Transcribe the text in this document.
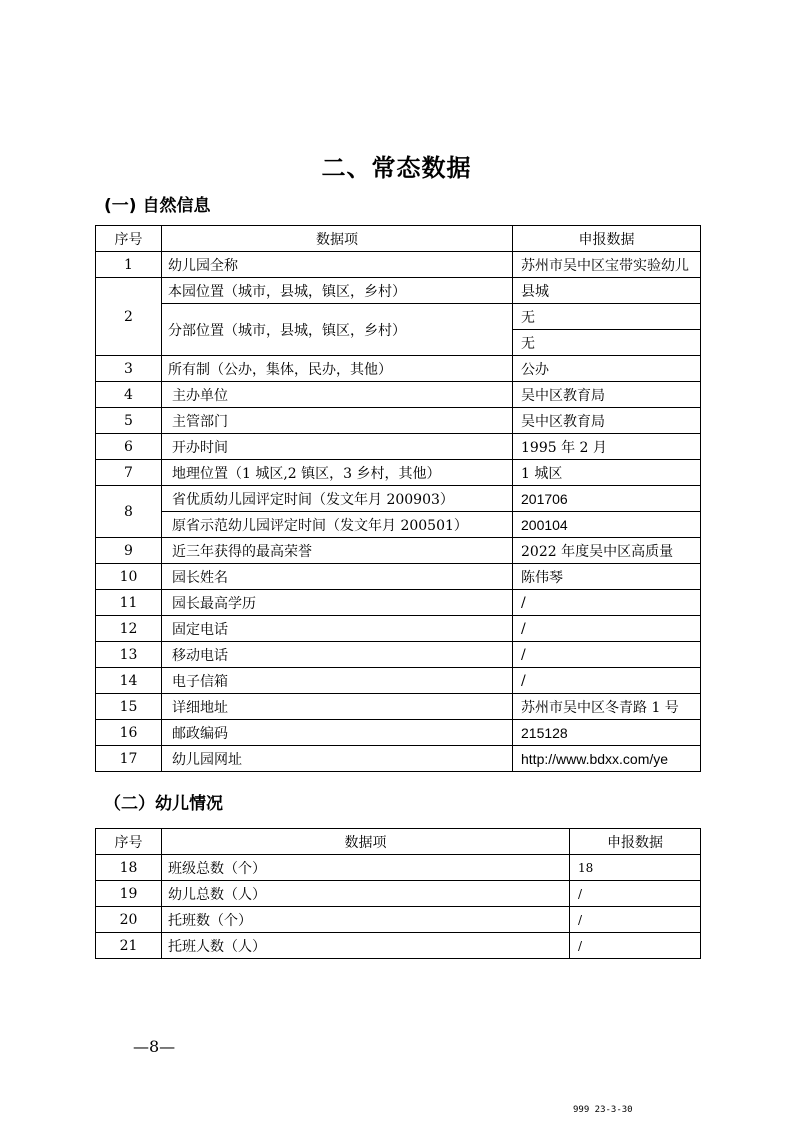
二、常态数据
(一) 自然信息
序号	数据项	申报数据
1	幼儿园全称	苏州市吴中区宝带实验幼儿
2	本园位置（城市，县城，镇区，乡村）	县城
	分部位置（城市，县城，镇区，乡村）	无
		无
3	所有制（公办，集体，民办，其他）	公办
4	主办单位	吴中区教育局
5	主管部门	吴中区教育局
6	开办时间	1995 年 2 月
7	地理位置（1 城区,2 镇区，3 乡村，其他）	1 城区
8	省优质幼儿园评定时间（发文年月 200903）	201706
	原省示范幼儿园评定时间（发文年月 200501）	200104
9	近三年获得的最高荣誉	2022 年度吴中区高质量
10	园长姓名	陈伟琴
11	园长最高学历	/
12	固定电话	/
13	移动电话	/
14	电子信箱	/
15	详细地址	苏州市吴中区冬青路 1 号
16	邮政编码	215128
17	幼儿园网址	http://www.bdxx.com/ye
（二）幼儿情况
序号	数据项	申报数据
18	班级总数（个）	18
19	幼儿总数（人）	/
20	托班数（个）	/
21	托班人数（人）	/
—8—
999 23-3-30
